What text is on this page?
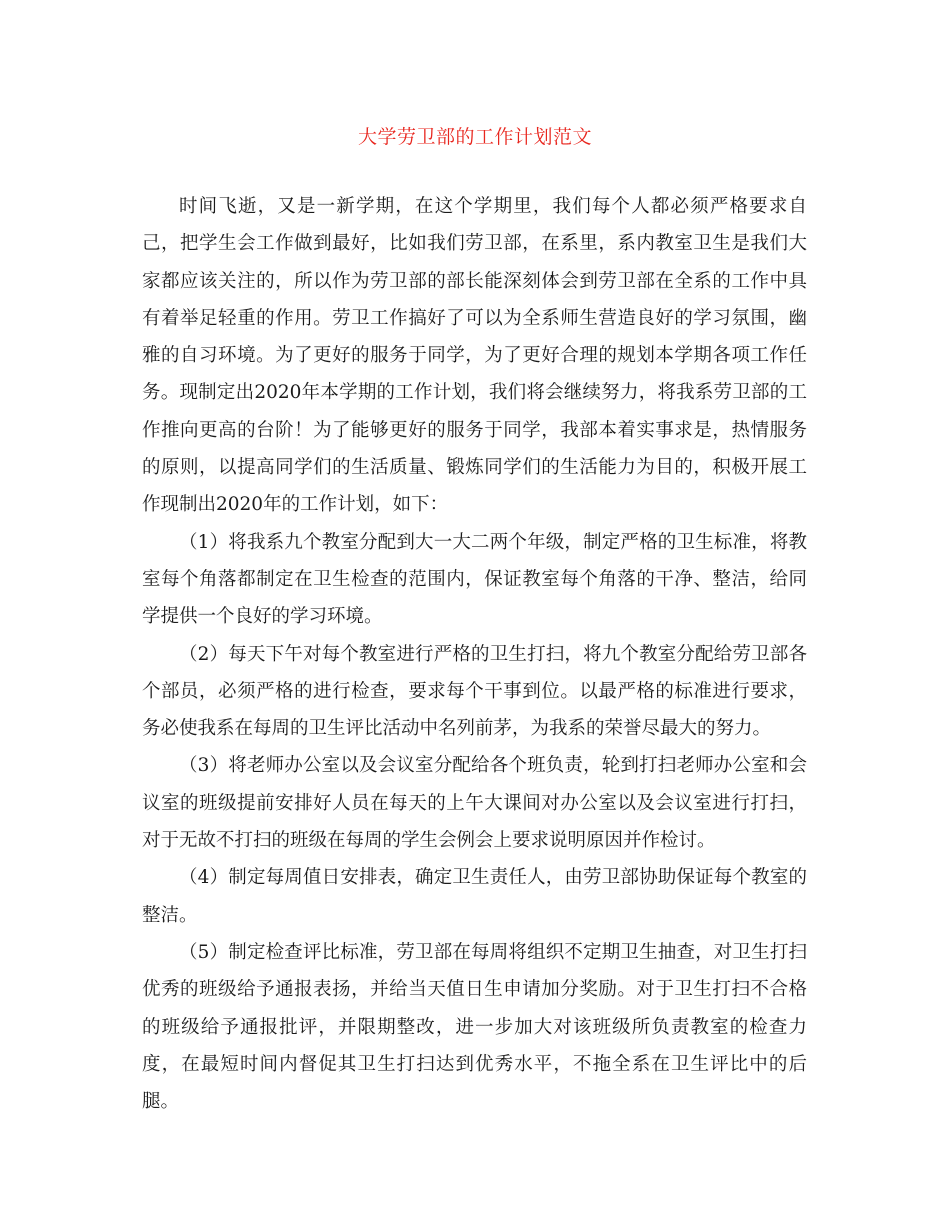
大学劳卫部的工作计划范文

时间飞逝，又是一新学期，在这个学期里，我们每个人都必须严格要求自己，把学生会工作做到最好，比如我们劳卫部，在系里，系内教室卫生是我们大家都应该关注的，所以作为劳卫部的部长能深刻体会到劳卫部在全系的工作中具有着举足轻重的作用。劳卫工作搞好了可以为全系师生营造良好的学习氛围，幽雅的自习环境。为了更好的服务于同学，为了更好合理的规划本学期各项工作任务。现制定出2020年本学期的工作计划，我们将会继续努力，将我系劳卫部的工作推向更高的台阶！为了能够更好的服务于同学，我部本着实事求是，热情服务的原则，以提高同学们的生活质量、锻炼同学们的生活能力为目的，积极开展工作现制出2020年的工作计划，如下：

（1）将我系九个教室分配到大一大二两个年级，制定严格的卫生标准，将教室每个角落都制定在卫生检查的范围内，保证教室每个角落的干净、整洁，给同学提供一个良好的学习环境。

（2）每天下午对每个教室进行严格的卫生打扫，将九个教室分配给劳卫部各个部员，必须严格的进行检查，要求每个干事到位。以最严格的标准进行要求，务必使我系在每周的卫生评比活动中名列前茅，为我系的荣誉尽最大的努力。

（3）将老师办公室以及会议室分配给各个班负责，轮到打扫老师办公室和会议室的班级提前安排好人员在每天的上午大课间对办公室以及会议室进行打扫，对于无故不打扫的班级在每周的学生会例会上要求说明原因并作检讨。

（4）制定每周值日安排表，确定卫生责任人，由劳卫部协助保证每个教室的整洁。

（5）制定检查评比标准，劳卫部在每周将组织不定期卫生抽查，对卫生打扫优秀的班级给予通报表扬，并给当天值日生申请加分奖励。对于卫生打扫不合格的班级给予通报批评，并限期整改，进一步加大对该班级所负责教室的检查力度，在最短时间内督促其卫生打扫达到优秀水平，不拖全系在卫生评比中的后腿。
